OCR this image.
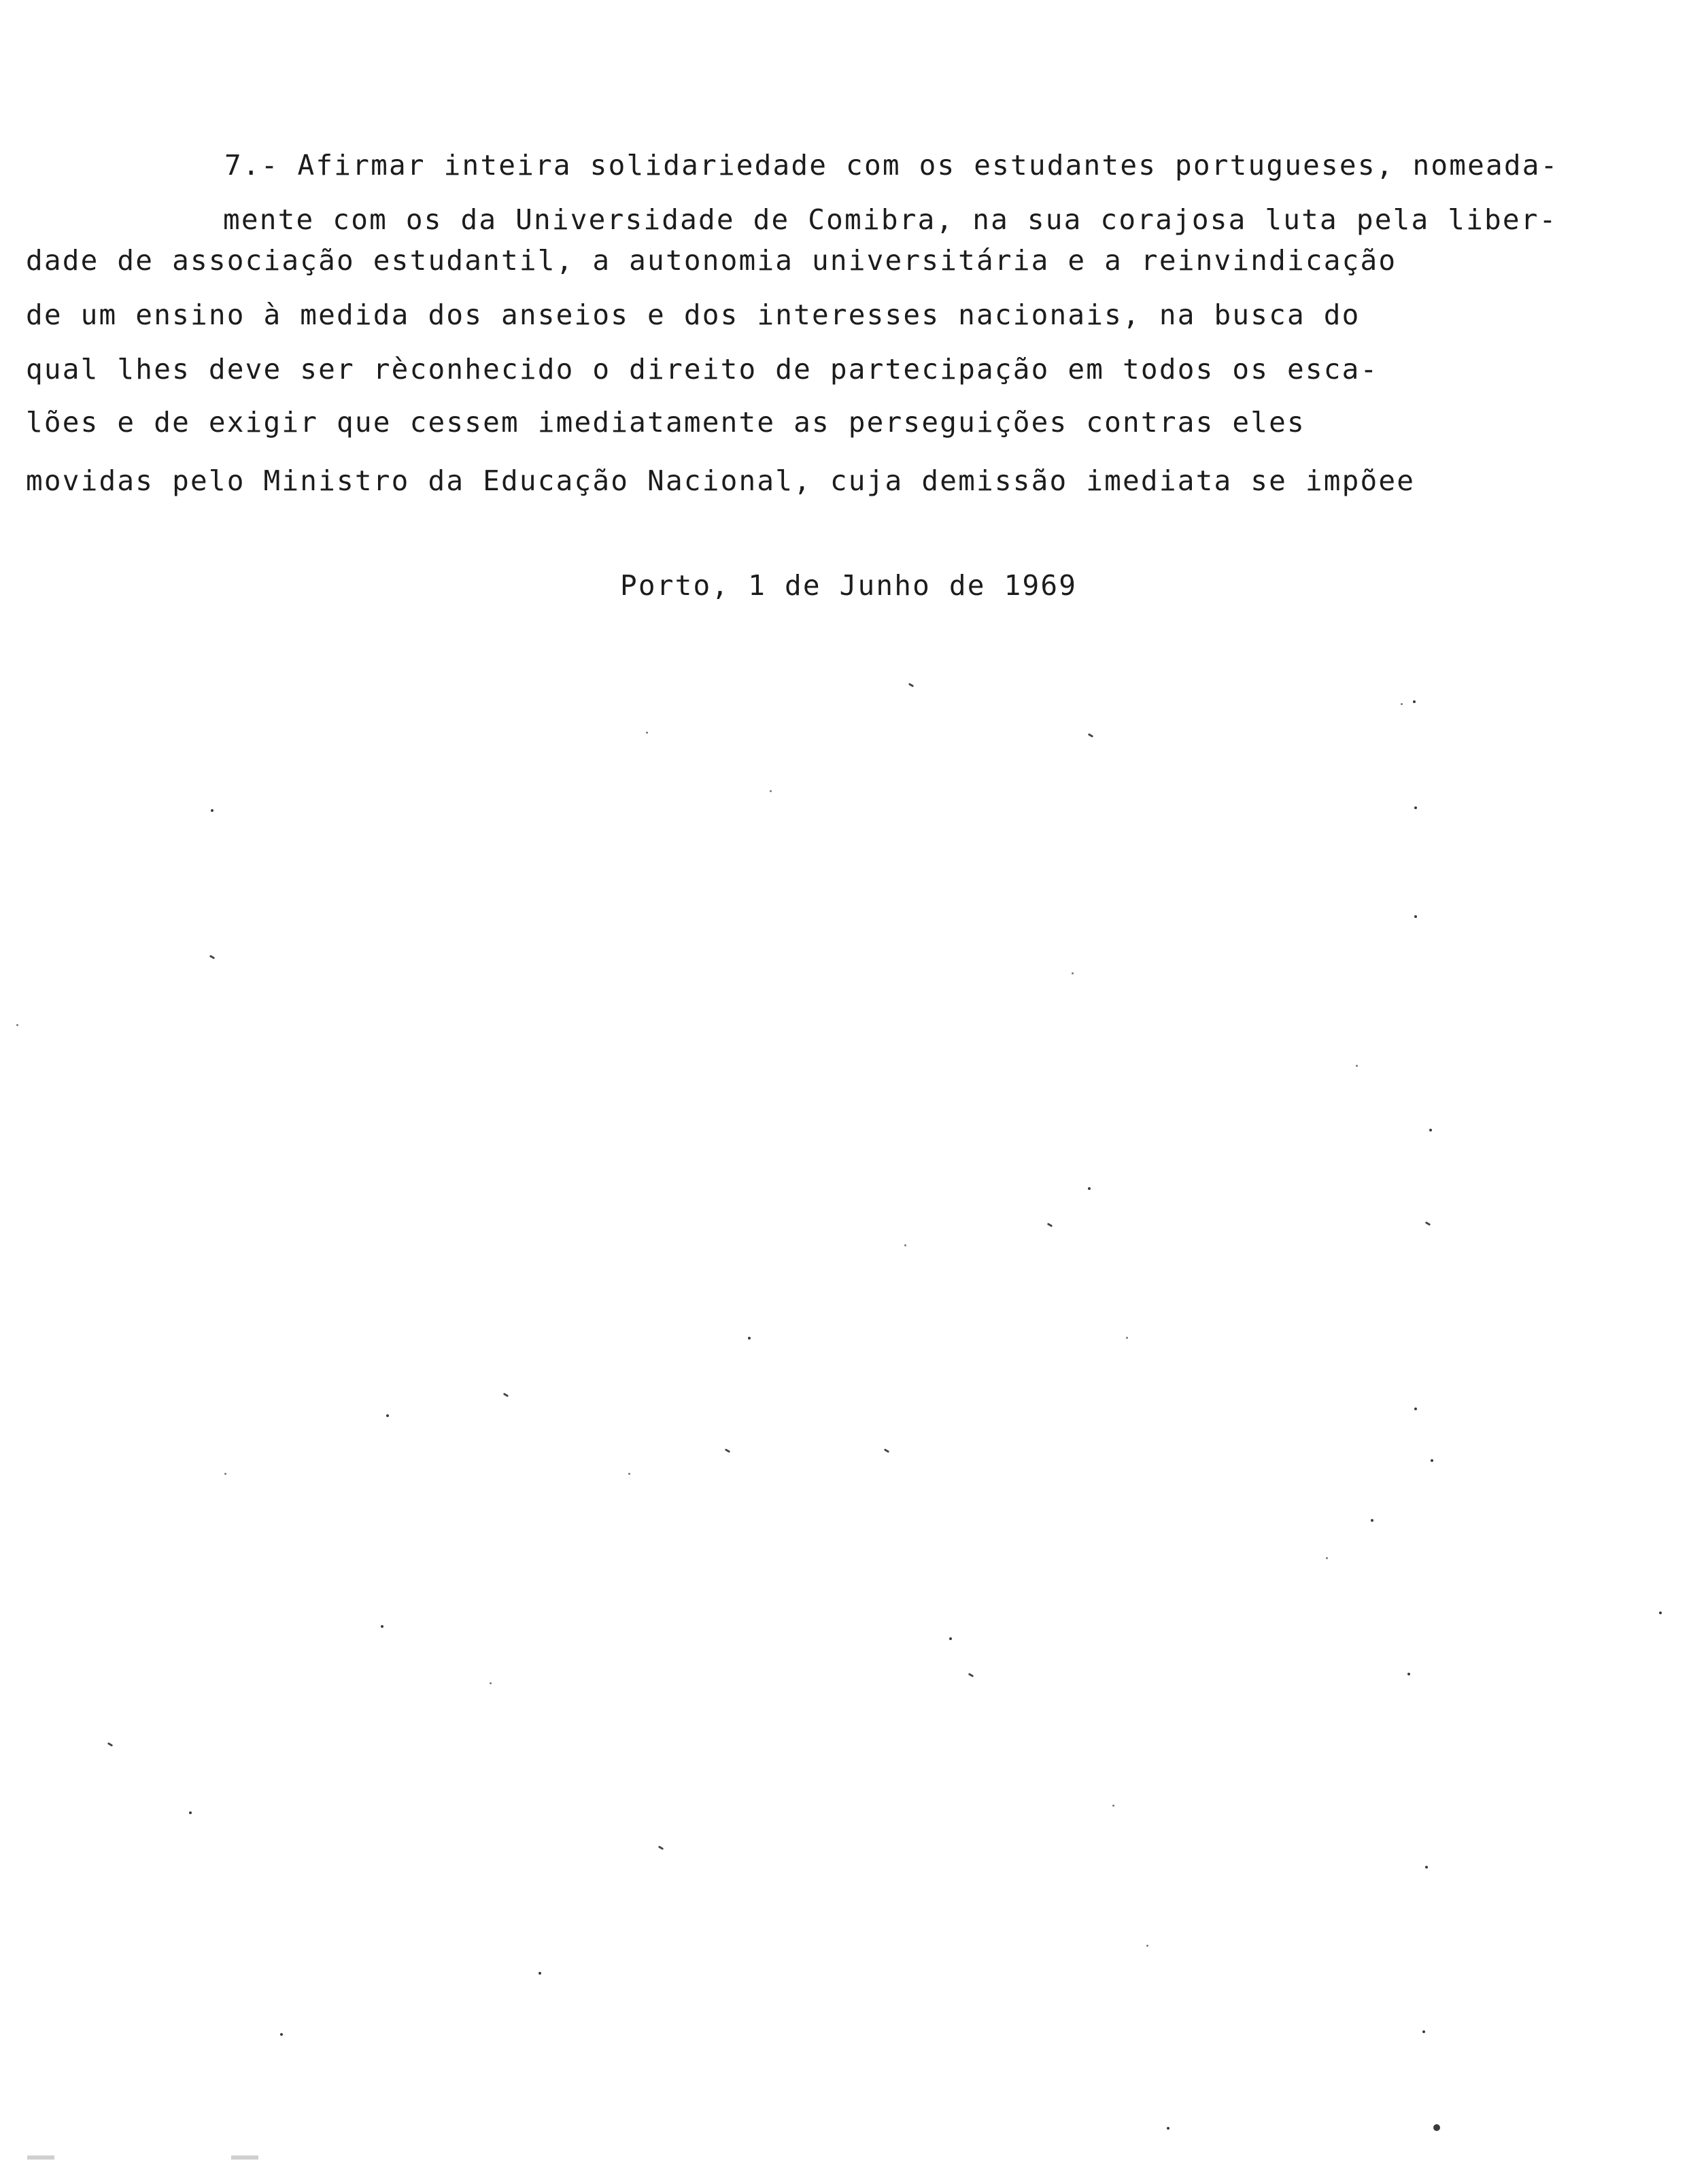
7.- Afirmar inteira solidariedade com os estudantes portugueses, nomeada-
mente com os da Universidade de Comibra, na sua corajosa luta pela liber-
dade de associação estudantil, a autonomia universitária e a reinvindicação
de um ensino à medida dos anseios e dos interesses nacionais, na busca do
qual lhes deve ser rèconhecido o direito de partecipação em todos os esca-
lões e de exigir que cessem imediatamente as perseguições contras eles
movidas pelo Ministro da Educação Nacional, cuja demissão imediata se impõee
Porto, 1 de Junho de 1969
